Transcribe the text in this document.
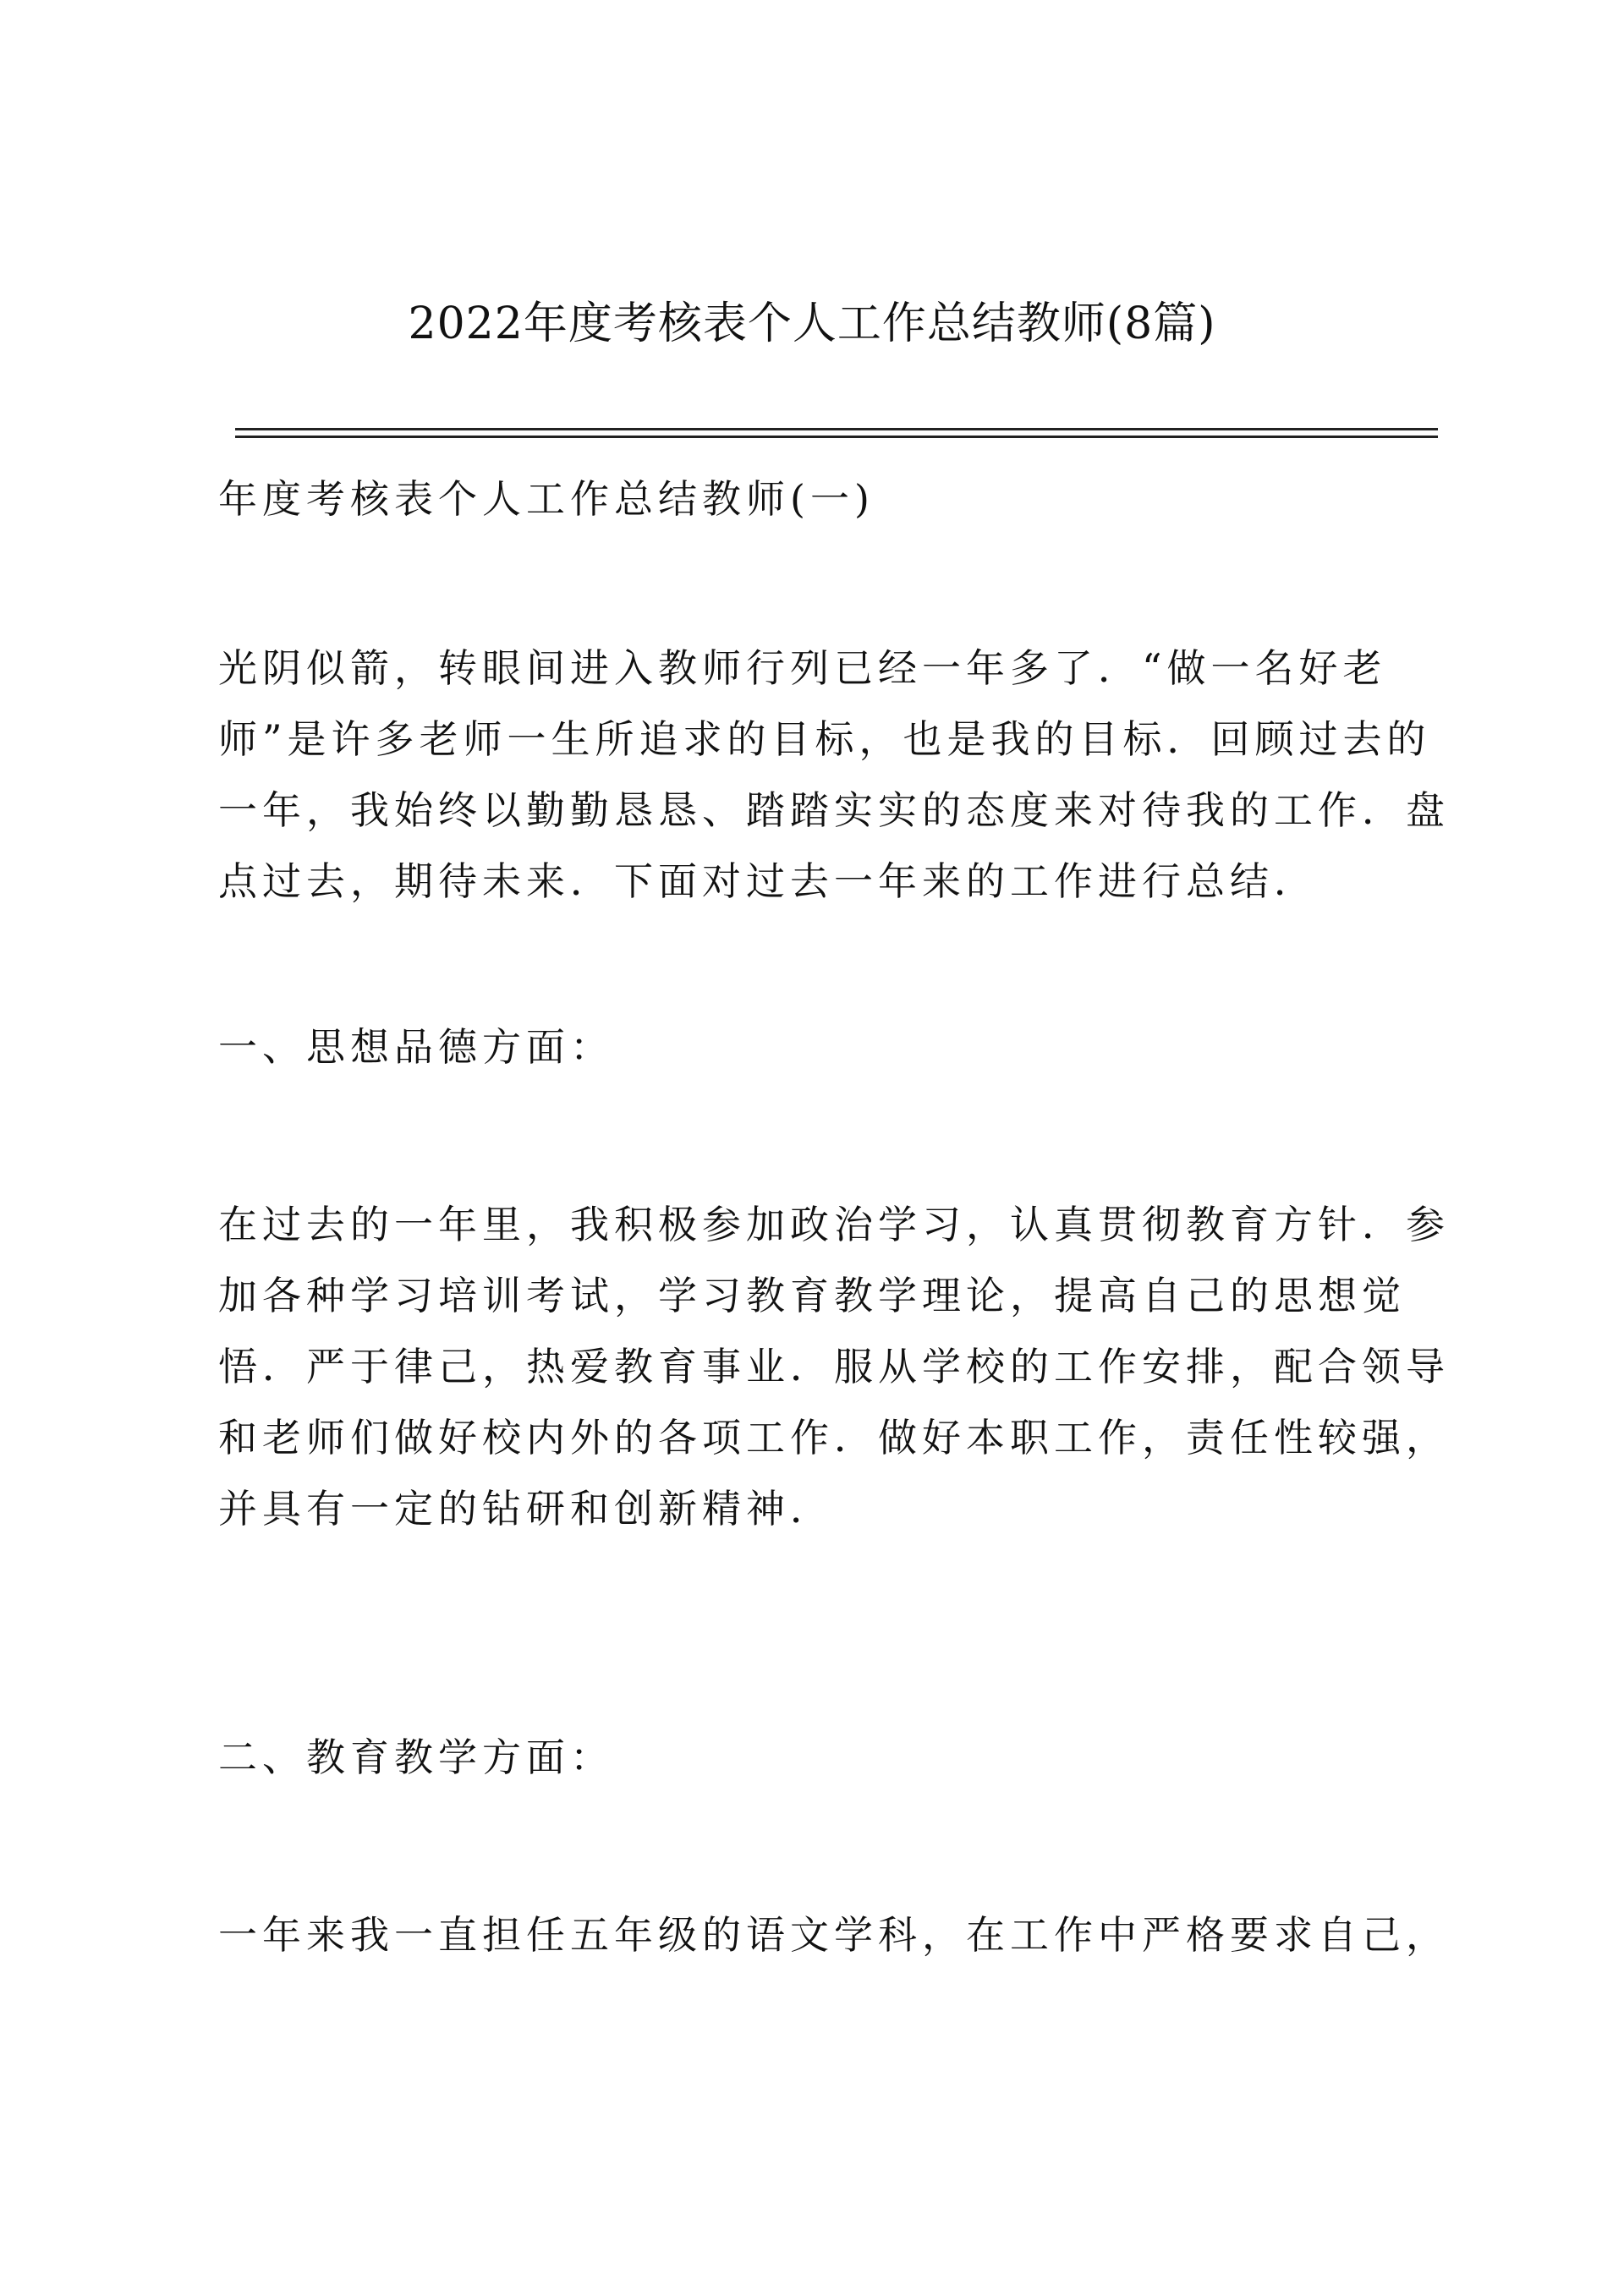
2022年度考核表个人工作总结教师(8篇)
年度考核表个人工作总结教师(一)
光阴似箭，转眼间进入教师行列已经一年多了．“做一名好老
师”是许多老师一生所追求的目标，也是我的目标．回顾过去的
一年，我始终以勤勤恳恳、踏踏实实的态度来对待我的工作．盘
点过去，期待未来．下面对过去一年来的工作进行总结．
一、思想品德方面：
在过去的一年里，我积极参加政治学习，认真贯彻教育方针．参
加各种学习培训考试，学习教育教学理论，提高自己的思想觉
悟．严于律己，热爱教育事业．服从学校的工作安排，配合领导
和老师们做好校内外的各项工作．做好本职工作，责任性较强，
并具有一定的钻研和创新精神．
二、教育教学方面：
一年来我一直担任五年级的语文学科，在工作中严格要求自己，
